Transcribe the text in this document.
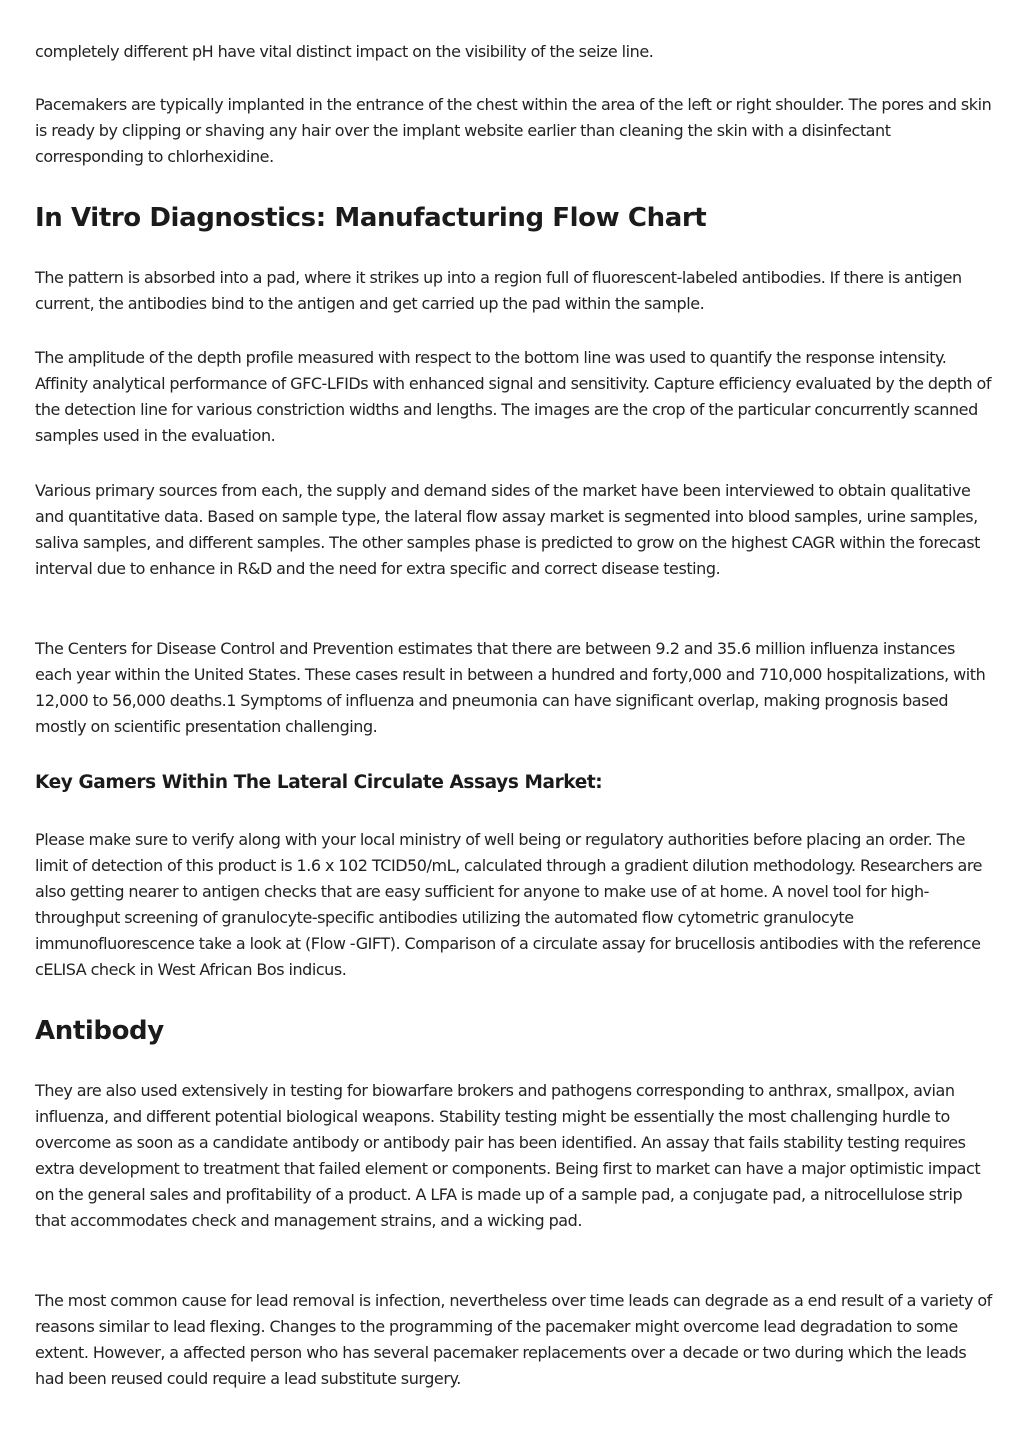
completely different pH have vital distinct impact on the visibility of the seize line.

Pacemakers are typically implanted in the entrance of the chest within the area of the left or right shoulder. The pores and skin is ready by clipping or shaving any hair over the implant website earlier than cleaning the skin with a disinfectant corresponding to chlorhexidine.

In Vitro Diagnostics: Manufacturing Flow Chart

The pattern is absorbed into a pad, where it strikes up into a region full of fluorescent-labeled antibodies. If there is antigen current, the antibodies bind to the antigen and get carried up the pad within the sample.

The amplitude of the depth profile measured with respect to the bottom line was used to quantify the response intensity. Affinity analytical performance of GFC-LFIDs with enhanced signal and sensitivity. Capture efficiency evaluated by the depth of the detection line for various constriction widths and lengths. The images are the crop of the particular concurrently scanned samples used in the evaluation.

Various primary sources from each, the supply and demand sides of the market have been interviewed to obtain qualitative and quantitative data. Based on sample type, the lateral flow assay market is segmented into blood samples, urine samples, saliva samples, and different samples. The other samples phase is predicted to grow on the highest CAGR within the forecast interval due to enhance in R&D and the need for extra specific and correct disease testing.

The Centers for Disease Control and Prevention estimates that there are between 9.2 and 35.6 million influenza instances each year within the United States. These cases result in between a hundred and forty,000 and 710,000 hospitalizations, with 12,000 to 56,000 deaths.1 Symptoms of influenza and pneumonia can have significant overlap, making prognosis based mostly on scientific presentation challenging.

Key Gamers Within The Lateral Circulate Assays Market:

Please make sure to verify along with your local ministry of well being or regulatory authorities before placing an order. The limit of detection of this product is 1.6 x 102 TCID50/mL, calculated through a gradient dilution methodology. Researchers are also getting nearer to antigen checks that are easy sufficient for anyone to make use of at home. A novel tool for high-throughput screening of granulocyte-specific antibodies utilizing the automated flow cytometric granulocyte immunofluorescence take a look at (Flow -GIFT). Comparison of a circulate assay for brucellosis antibodies with the reference cELISA check in West African Bos indicus.

Antibody

They are also used extensively in testing for biowarfare brokers and pathogens corresponding to anthrax, smallpox, avian influenza, and different potential biological weapons. Stability testing might be essentially the most challenging hurdle to overcome as soon as a candidate antibody or antibody pair has been identified. An assay that fails stability testing requires extra development to treatment that failed element or components. Being first to market can have a major optimistic impact on the general sales and profitability of a product. A LFA is made up of a sample pad, a conjugate pad, a nitrocellulose strip that accommodates check and management strains, and a wicking pad.

The most common cause for lead removal is infection, nevertheless over time leads can degrade as a end result of a variety of reasons similar to lead flexing. Changes to the programming of the pacemaker might overcome lead degradation to some extent. However, a affected person who has several pacemaker replacements over a decade or two during which the leads had been reused could require a lead substitute surgery.
